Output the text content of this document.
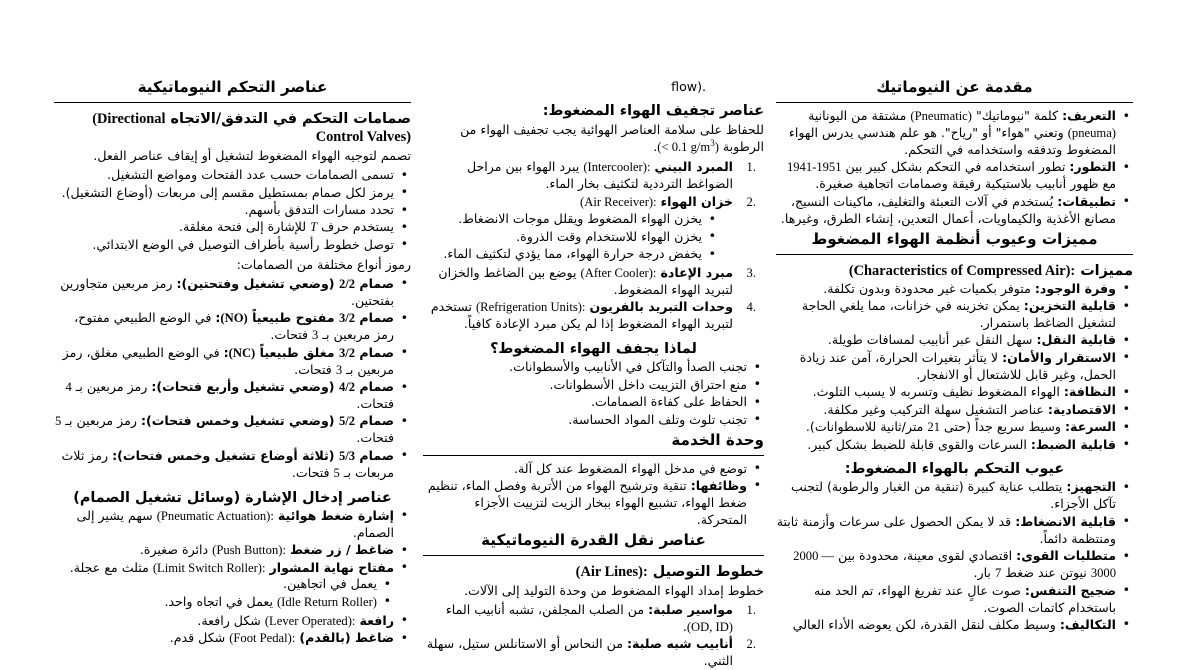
عناصر التحكم النيوماتيكية
صمامات التحكم في التدفق/الاتجاه (Directional Control Valves)

تصمم لتوجيه الهواء المضغوط لتشغيل أو إيقاف عناصر الفعل.

• تسمى الصمامات حسب عدد الفتحات ومواضع التشغيل.
• يرمز لكل صمام بمستطيل مقسم إلى مربعات (أوضاع التشغيل).
• تحدد مسارات التدفق بأسهم.
• يستخدم حرف T للإشارة إلى فتحة مغلقة.
• توصل خطوط رأسية بأطراف التوصيل في الوضع الابتدائي.

رموز أنواع مختلفة من الصمامات:

• صمام 2/2 (وضعي تشغيل وفتحتين): رمز مربعين متجاورين بفتحتين.
• صمام 3/2 مفتوح طبيعياً (NO): في الوضع الطبيعي مفتوح، رمز مربعين بـ 3 فتحات.
• صمام 3/2 مغلق طبيعياً (NC): في الوضع الطبيعي مغلق، رمز مربعين بـ 3 فتحات.
• صمام 4/2 (وضعي تشغيل وأربع فتحات): رمز مربعين بـ 4 فتحات.
• صمام 5/2 (وضعي تشغيل وخمس فتحات): رمز مربعين بـ 5 فتحات.
• صمام 5/3 (ثلاثة أوضاع تشغيل وخمس فتحات): رمز ثلاث مربعات بـ 5 فتحات.
عناصر إدخال الإشارة (وسائل تشغيل الصمام)
• إشارة ضغط هوائية (Pneumatic Actuation): سهم يشير إلى الصمام.
• ضاغط / زر ضغط (Push Button): دائرة صغيرة.
• مفتاح نهاية المشوار (Limit Switch Roller): مثلث مع عجلة.
• يعمل في اتجاهين.
• (Idle Return Roller) يعمل في اتجاه واحد.
• رافعة (Lever Operated): شكل رافعة.
• ضاغط (بالقدم) (Foot Pedal): شكل قدم.

flow).

عناصر تجفيف الهواء المضغوط:

للحفاظ على سلامة العناصر الهوائية يجب تجفيف الهواء من الرطوبة (< 0.1 $g/m^3$).

المبرد البيني (Intercooler): يبرد الهواء بين مراحل الضواغط الترددية لتكثيف بخار الماء.
خزان الهواء (Air Receiver):
• يخزن الهواء المضغوط ويقلل موجات الانضغاط.
• يخزن الهواء للاستخدام وقت الذروة.
• يخفض درجة حرارة الهواء، مما يؤدي لتكثيف الماء.
مبرد الإعادة (After Cooler): يوضع بين الضاغط والخزان لتبريد الهواء المضغوط.
وحدات التبريد بالفريون (Refrigeration Units): تستخدم لتبريد الهواء المضغوط إذا لم يكن مبرد الإعادة كافياً.
لماذا يجفف الهواء المضغوط؟
• تجنب الصدأ والتآكل في الأنابيب والأسطوانات.
• منع احتراق التزييت داخل الأسطوانات.
• الحفاظ على كفاءة الصمامات.
• تجنب تلوث وتلف المواد الحساسة.
وحدة الخدمة
• توضع في مدخل الهواء المضغوط عند كل آلة.
• وظائفها: تنقية وترشيح الهواء من الأتربة وفصل الماء، تنظيم ضغط الهواء، تشبيع الهواء ببخار الزيت لتزييت الأجزاء المتحركة.
عناصر نقل القدرة النيوماتيكية
خطوط التوصيل (Air Lines):

خطوط إمداد الهواء المضغوط من وحدة التوليد إلى الآلات.

مواسير صلبة: من الصلب المجلفن، تشبه أنابيب الماء (OD, ID).
أنابيب شبه صلبة: من النحاس أو الاستانلس ستيل، سهلة الثني.
مقدمة عن النيوماتيك
• التعريف: كلمة "نيوماتيك" (Pneumatic) مشتقة من اليونانية (pneuma) وتعني "هواء" أو "رياح". هو علم هندسي يدرس الهواء المضغوط وتدفقه واستخدامه في التحكم.
• التطور: تطور استخدامه في التحكم بشكل كبير بين 1941-1951 مع ظهور أنابيب بلاستيكية رقيقة وصمامات اتجاهية صغيرة.
• تطبيقات: يُستخدم في آلات التعبئة والتغليف، ماكينات النسيج، مصانع الأغذية والكيماويات، أعمال التعدين، إنشاء الطرق، وغيرها.
مميزات وعيوب أنظمة الهواء المضغوط
مميزات (Characteristics of Compressed Air):
• وفرة الوجود: متوفر بكميات غير محدودة وبدون تكلفة.
• قابلية التخزين: يمكن تخزينه في خزانات، مما يلغي الحاجة لتشغيل الضاغط باستمرار.
• قابلية النقل: سهل النقل عبر أنابيب لمسافات طويلة.
• الاستقرار والأمان: لا يتأثر بتغيرات الحرارة، آمن عند زيادة الحمل، وغير قابل للاشتعال أو الانفجار.
• النظافة: الهواء المضغوط نظيف وتسربه لا يسبب التلوث.
• الاقتصادية: عناصر التشغيل سهلة التركيب وغير مكلفة.
• السرعة: وسيط سريع جداً (حتى 21 متر/ثانية للاسطوانات).
• قابلية الضبط: السرعات والقوى قابلة للضبط بشكل كبير.
عيوب التحكم بالهواء المضغوط:
• التجهيز: يتطلب عناية كبيرة (تنقية من الغبار والرطوبة) لتجنب تآكل الأجزاء.
• قابلية الانضغاط: قد لا يمكن الحصول على سرعات وأزمنة ثابتة ومنتظمة دائماً.
• متطلبات القوى: اقتصادي لقوى معينة، محدودة بين 2000 — 3000 نيوتن عند ضغط 7 بار.
• ضجيج التنفس: صوت عالٍ عند تفريغ الهواء، تم الحد منه باستخدام كاتمات الصوت.
• التكاليف: وسيط مكلف لنقل القدرة، لكن يعوضه الأداء العالي
